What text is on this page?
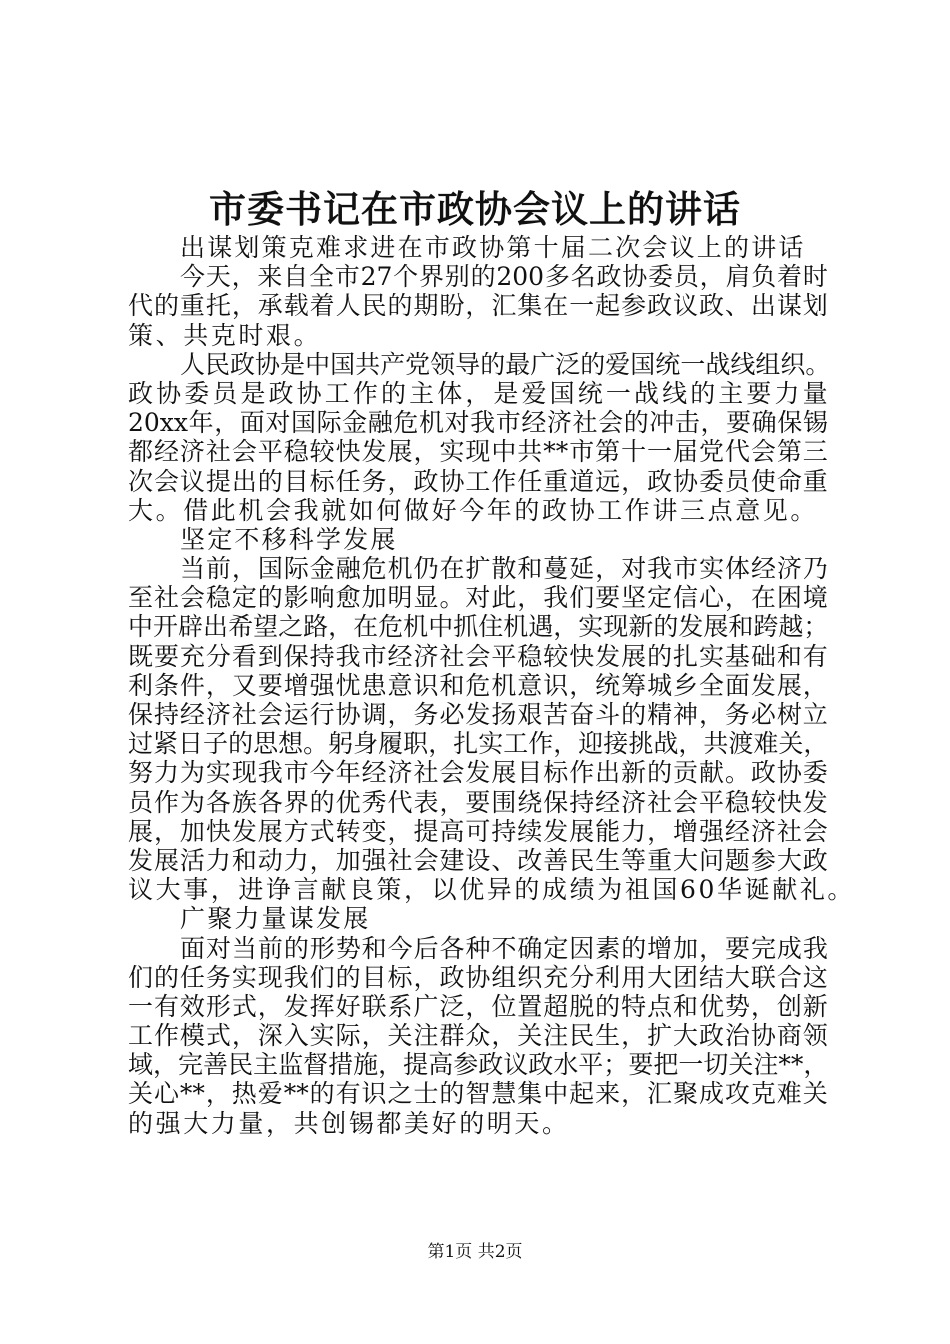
市委书记在市政协会议上的讲话
出谋划策克难求进在市政协第十届二次会议上的讲话
今 天 ， 来 自 全 市 27 个 界 别 的 200 多 名 政 协 委 员 ， 肩 负 着 时
代 的 重 托 ， 承 载 着 人 民 的 期 盼 ， 汇 集 在 一 起 参 政 议 政 、 出 谋 划
策、共克时艰。
人 民 政 协 是 中 国 共 产 党 领 导 的 最 广 泛 的 爱 国 统 一 战 线 组 织 。
政 协 委 员 是 政 协 工 作 的 主 体 ， 是 爱 国 统 一 战 线 的 主 要 力 量
20xx 年 ， 面 对 国 际 金 融 危 机 对 我 市 经 济 社 会 的 冲 击 ， 要 确 保 锡
都 经 济 社 会 平 稳 较 快 发 展 ， 实 现 中 共 ** 市 第 十 一 届 党 代 会 第 三
次 会 议 提 出 的 目 标 任 务 ， 政 协 工 作 任 重 道 远 ， 政 协 委 员 使 命 重
大。借此机会我就如何做好今年的政协工作讲三点意见。
坚定不移科学发展
当 前 ， 国 际 金 融 危 机 仍 在 扩 散 和 蔓 延 ， 对 我 市 实 体 经 济 乃
至 社 会 稳 定 的 影 响 愈 加 明 显 。 对 此 ， 我 们 要 坚 定 信 心 ， 在 困 境
中 开 辟 出 希 望 之 路 ， 在 危 机 中 抓 住 机 遇 ， 实 现 新 的 发 展 和 跨 越 ；
既 要 充 分 看 到 保 持 我 市 经 济 社 会 平 稳 较 快 发 展 的 扎 实 基 础 和 有
利 条 件 ， 又 要 增 强 忧 患 意 识 和 危 机 意 识 ， 统 筹 城 乡 全 面 发 展 ，
保 持 经 济 社 会 运 行 协 调 ， 务 必 发 扬 艰 苦 奋 斗 的 精 神 ， 务 必 树 立
过 紧 日 子 的 思 想 。 躬 身 履 职 ， 扎 实 工 作 ， 迎 接 挑 战 ， 共 渡 难 关 ，
努 力 为 实 现 我 市 今 年 经 济 社 会 发 展 目 标 作 出 新 的 贡 献 。 政 协 委
员 作 为 各 族 各 界 的 优 秀 代 表 ， 要 围 绕 保 持 经 济 社 会 平 稳 较 快 发
展 ， 加 快 发 展 方 式 转 变 ， 提 高 可 持 续 发 展 能 力 ， 增 强 经 济 社 会
发 展 活 力 和 动 力 ， 加 强 社 会 建 设 、 改 善 民 生 等 重 大 问 题 参 大 政
议大事，进诤言献良策，以优异的成绩为祖国60华诞献礼。
广聚力量谋发展
面 对 当 前 的 形 势 和 今 后 各 种 不 确 定 因 素 的 增 加 ， 要 完 成 我
们 的 任 务 实 现 我 们 的 目 标 ， 政 协 组 织 充 分 利 用 大 团 结 大 联 合 这
一 有 效 形 式 ， 发 挥 好 联 系 广 泛 ， 位 置 超 脱 的 特 点 和 优 势 ， 创 新
工 作 模 式 ， 深 入 实 际 ， 关 注 群 众 ， 关 注 民 生 ， 扩 大 政 治 协 商 领
域 ， 完 善 民 主 监 督 措 施 ， 提 高 参 政 议 政 水 平 ； 要 把 一 切 关 注 ** ，
关 心 ** ， 热 爱 ** 的 有 识 之 士 的 智 慧 集 中 起 来 ， 汇 聚 成 攻 克 难 关
的强大力量，共创锡都美好的明天。
第1页 共2页
